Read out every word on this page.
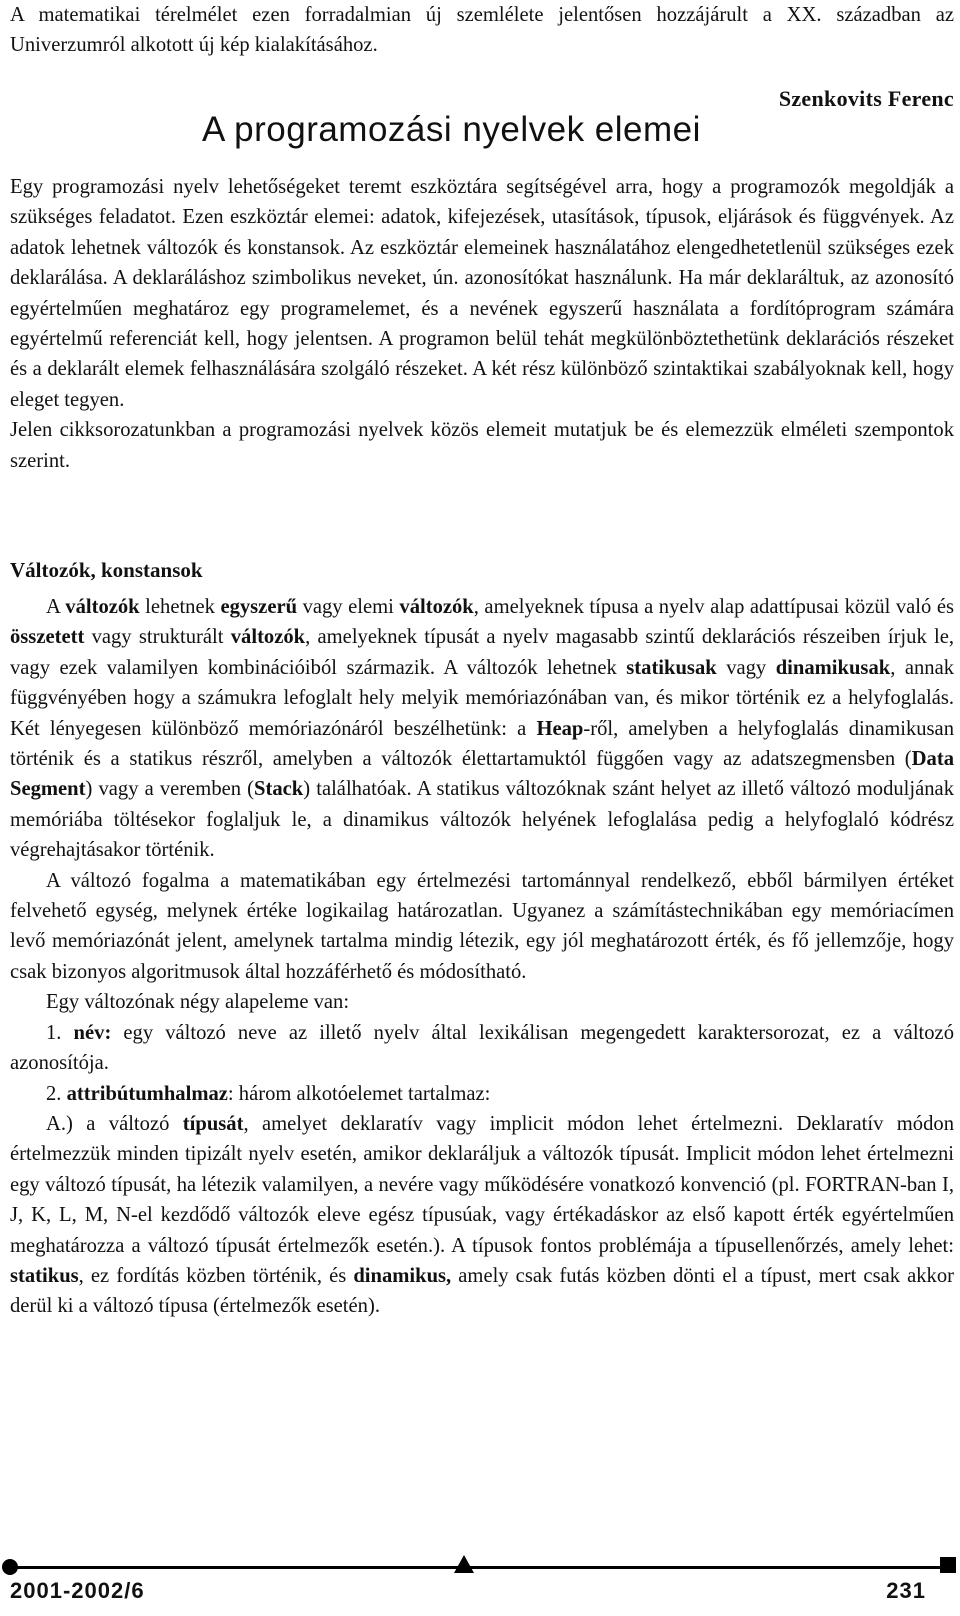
A matematikai térelmélet ezen forradalmian új szemlélete jelentősen hozzájárult a XX. században az Univerzumról alkotott új kép kialakításához.

Szenkovits Ferenc
A programozási nyelvek elemei

Egy programozási nyelv lehetőségeket teremt eszköztára segítségével arra, hogy a programozók megoldják a szükséges feladatot. Ezen eszköztár elemei: adatok, kifejezések, utasítások, típusok, eljárások és függvények. Az adatok lehetnek változók és konstansok. Az eszköztár elemeinek használatához elengedhetetlenül szükséges ezek deklarálása. A deklaráláshoz szimbolikus neveket, ún. azonosítókat használunk. Ha már deklaráltuk, az azonosító egyértelműen meghatároz egy programelemet, és a nevének egyszerű használata a fordítóprogram számára egyértelmű referenciát kell, hogy jelentsen. A programon belül tehát megkülönböztethetünk deklarációs részeket és a deklarált elemek felhasználására szolgáló részeket. A két rész különböző szintaktikai szabályoknak kell, hogy eleget tegyen.

Jelen cikksorozatunkban a programozási nyelvek közös elemeit mutatjuk be és elemezzük elméleti szempontok szerint.

Változók, konstansok

A változók lehetnek egyszerű vagy elemi változók, amelyeknek típusa a nyelv alap adattípusai közül való és összetett vagy strukturált változók, amelyeknek típusát a nyelv magasabb szintű deklarációs részeiben írjuk le, vagy ezek valamilyen kombinációiból származik. A változók lehetnek statikusak vagy dinamikusak, annak függvényében hogy a számukra lefoglalt hely melyik memóriazónában van, és mikor történik ez a helyfoglalás. Két lényegesen különböző memóriazónáról beszélhetünk: a Heap-ről, amelyben a helyfoglalás dinamikusan történik és a statikus részről, amelyben a változók élettartamuktól függően vagy az adatszegmensben (Data Segment) vagy a veremben (Stack) találhatóak. A statikus változóknak szánt helyet az illető változó moduljának memóriába töltésekor foglaljuk le, a dinamikus változók helyének lefoglalása pedig a helyfoglaló kódrész végrehajtásakor történik.

A változó fogalma a matematikában egy értelmezési tartománnyal rendelkező, ebből bármilyen értéket felvehető egység, melynek értéke logikailag határozatlan. Ugyanez a számítástechnikában egy memóriacímen levő memóriazónát jelent, amelynek tartalma mindig létezik, egy jól meghatározott érték, és fő jellemzője, hogy csak bizonyos algoritmusok által hozzáférhető és módosítható.

Egy változónak négy alapeleme van:

1. név: egy változó neve az illető nyelv által lexikálisan megengedett karaktersorozat, ez a változó azonosítója.

2. attribútumhalmaz: három alkotóelemet tartalmaz:

A.) a változó típusát, amelyet deklaratív vagy implicit módon lehet értelmezni. Deklaratív módon értelmezzük minden tipizált nyelv esetén, amikor deklaráljuk a változók típusát. Implicit módon lehet értelmezni egy változó típusát, ha létezik valamilyen, a nevére vagy működésére vonatkozó konvenció (pl. FORTRAN-ban I, J, K, L, M, N-el kezdődő változók eleve egész típusúak, vagy értékadáskor az első kapott érték egyértelműen meghatározza a változó típusát értelmezők esetén.). A típusok fontos problémája a típusellenőrzés, amely lehet: statikus, ez fordítás közben történik, és dinamikus, amely csak futás közben dönti el a típust, mert csak akkor derül ki a változó típusa (értelmezők esetén).

2001-2002/6	231
